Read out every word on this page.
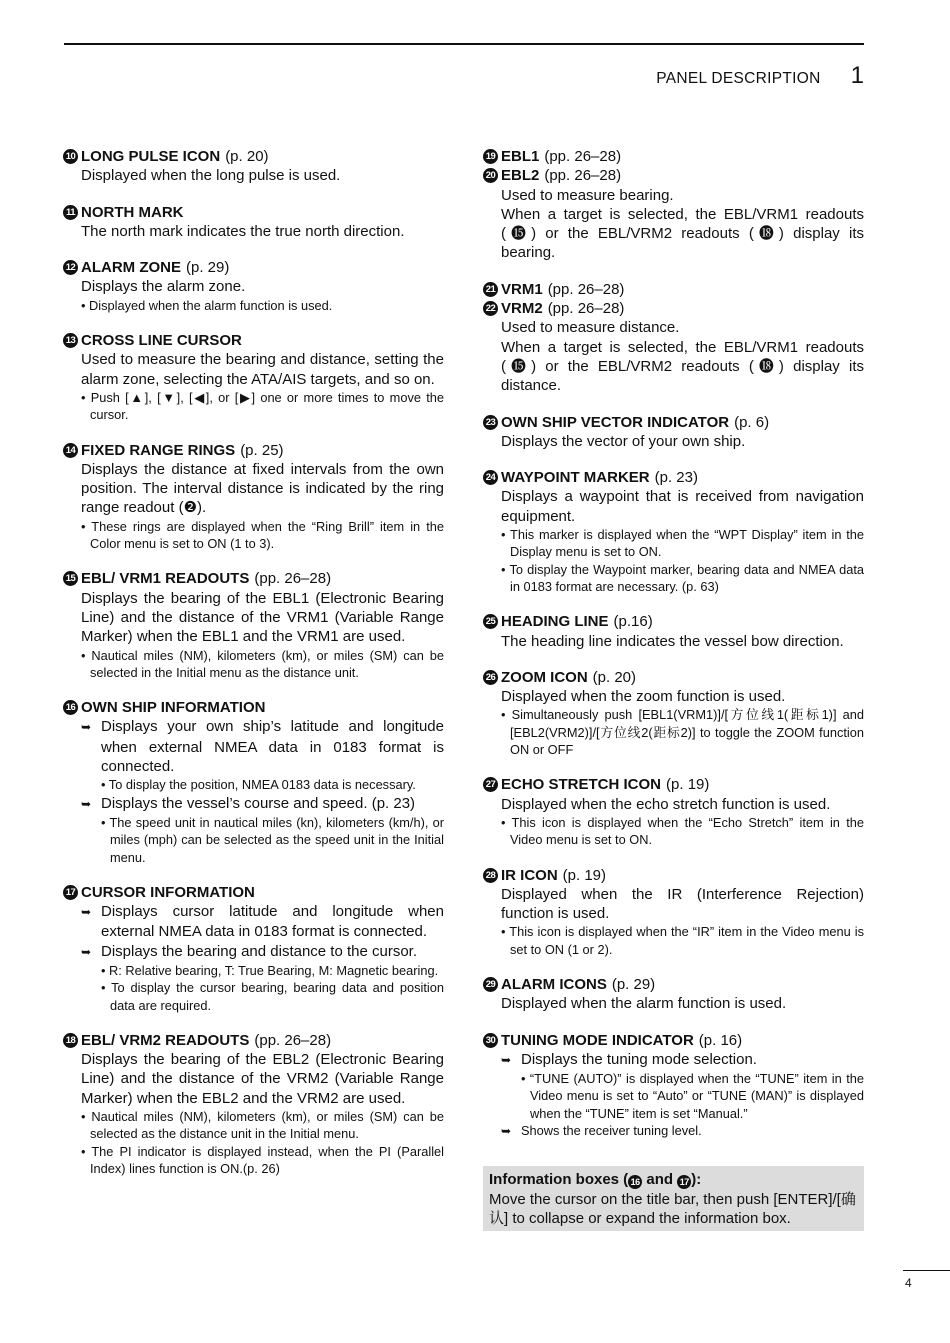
PANEL DESCRIPTION 1
10 LONG PULSE ICON (p. 20)
Displayed when the long pulse is used.
11 NORTH MARK
The north mark indicates the true north direction.
12 ALARM ZONE (p. 29)
Displays the alarm zone.
• Displayed when the alarm function is used.
13 CROSS LINE CURSOR
Used to measure the bearing and distance, setting the alarm zone, selecting the ATA/AIS targets, and so on.
• Push [▲], [▼], [◀], or [▶] one or more times to move the cursor.
14 FIXED RANGE RINGS (p. 25)
Displays the distance at fixed intervals from the own position. The interval distance is indicated by the ring range readout (❷).
• These rings are displayed when the “Ring Brill” item in the Color menu is set to ON (1 to 3).
15 EBL/ VRM1 READOUTS (pp. 26–28)
Displays the bearing of the EBL1 (Electronic Bearing Line) and the distance of the VRM1 (Variable Range Marker) when the EBL1 and the VRM1 are used.
• Nautical miles (NM), kilometers (km), or miles (SM) can be selected in the Initial menu as the distance unit.
16 OWN SHIP INFORMATION
➥ Displays your own ship’s latitude and longitude when external NMEA data in 0183 format is connected.
• To display the position, NMEA 0183 data is necessary.
➥ Displays the vessel’s course and speed. (p. 23)
• The speed unit in nautical miles (kn), kilometers (km/h), or miles (mph) can be selected as the speed unit in the Initial menu.
17 CURSOR INFORMATION
➥ Displays cursor latitude and longitude when external NMEA data in 0183 format is connected.
➥ Displays the bearing and distance to the cursor.
• R: Relative bearing, T: True Bearing, M: Magnetic bearing.
• To display the cursor bearing, bearing data and position data are required.
18 EBL/ VRM2 READOUTS (pp. 26–28)
Displays the bearing of the EBL2 (Electronic Bearing Line) and the distance of the VRM2 (Variable Range Marker) when the EBL2 and the VRM2 are used.
• Nautical miles (NM), kilometers (km), or miles (SM) can be selected as the distance unit in the Initial menu.
• The PI indicator is displayed instead, when the PI (Parallel Index) lines function is ON.(p. 26)
19 EBL1 (pp. 26–28)
20 EBL2 (pp. 26–28)
Used to measure bearing.
When a target is selected, the EBL/VRM1 readouts (⓯) or the EBL/VRM2 readouts (⓲) display its bearing.
21 VRM1 (pp. 26–28)
22 VRM2 (pp. 26–28)
Used to measure distance.
When a target is selected, the EBL/VRM1 readouts (⓯) or the EBL/VRM2 readouts (⓲) display its distance.
23 OWN SHIP VECTOR INDICATOR (p. 6)
Displays the vector of your own ship.
24 WAYPOINT MARKER (p. 23)
Displays a waypoint that is received from navigation equipment.
• This marker is displayed when the “WPT Display” item in the Display menu is set to ON.
• To display the Waypoint marker, bearing data and NMEA data in 0183 format are necessary. (p. 63)
25 HEADING LINE (p.16)
The heading line indicates the vessel bow direction.
26 ZOOM ICON (p. 20)
Displayed when the zoom function is used.
• Simultaneously push [EBL1(VRM1)]/[方位线1(距标1)] and [EBL2(VRM2)]/[方位线2(距标2)] to toggle the ZOOM function ON or OFF
27 ECHO STRETCH ICON (p. 19)
Displayed when the echo stretch function is used.
• This icon is displayed when the “Echo Stretch” item in the Video menu is set to ON.
28 IR ICON (p. 19)
Displayed when the IR (Interference Rejection) function is used.
• This icon is displayed when the “IR” item in the Video menu is set to ON (1 or 2).
29 ALARM ICONS (p. 29)
Displayed when the alarm function is used.
30 TUNING MODE INDICATOR (p. 16)
➥ Displays the tuning mode selection.
• “TUNE (AUTO)” is displayed when the “TUNE” item in the Video menu is set to “Auto” or “TUNE (MAN)” is displayed when the “TUNE” item is set “Manual.”
➥ Shows the receiver tuning level.
Information boxes ( 16 and 17 ):
Move the cursor on the title bar, then push [ENTER]/[确认] to collapse or expand the information box.
4
